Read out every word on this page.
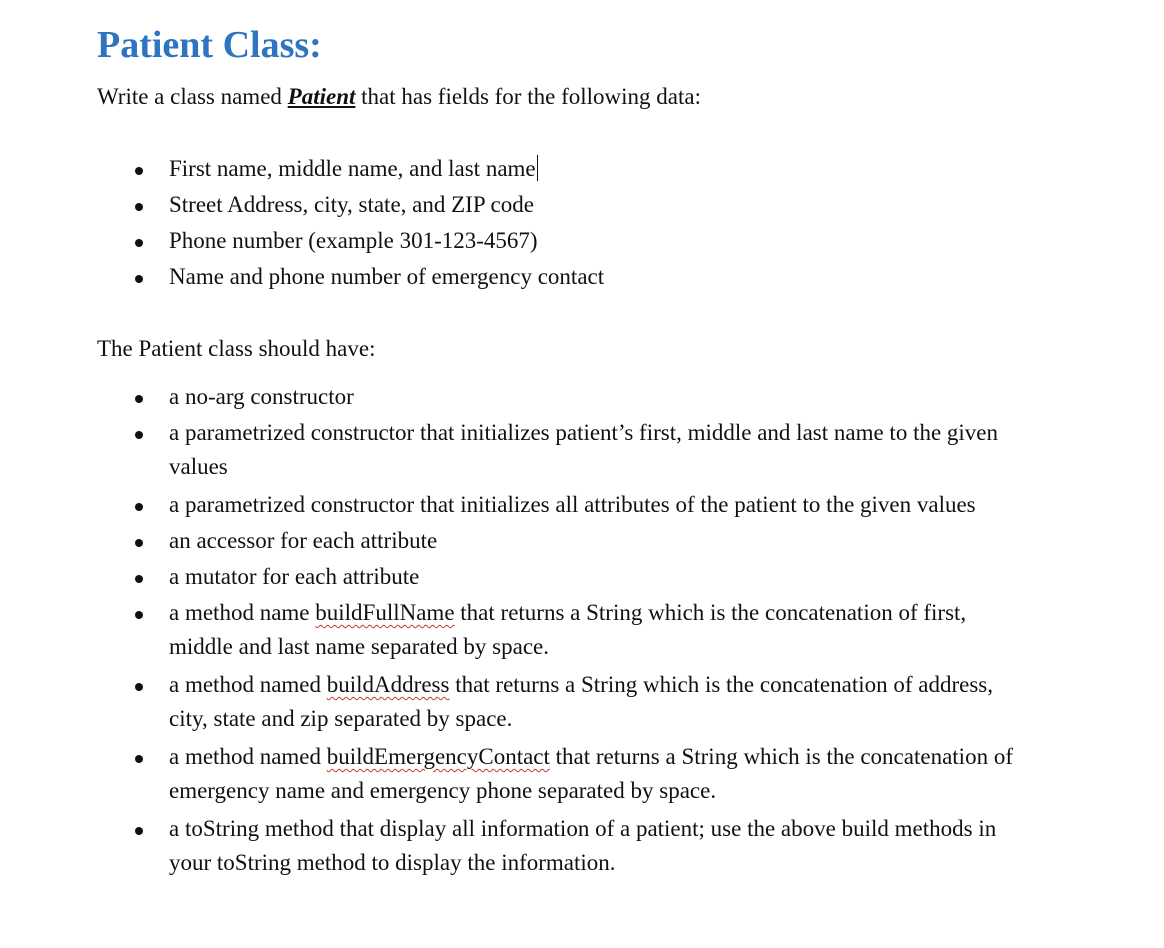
Patient Class:
Write a class named Patient that has fields for the following data:
First name, middle name, and last name
Street Address, city, state, and ZIP code
Phone number (example 301-123-4567)
Name and phone number of emergency contact
The Patient class should have:
a no-arg constructor
a parametrized constructor that initializes patient’s first, middle and last name to the given
values
a parametrized constructor that initializes all attributes of the patient to the given values
an accessor for each attribute
a mutator for each attribute

a method name buildFullName that returns a String which is the concatenation of first,

middle and last name separated by space.

a method named buildAddress that returns a String which is the concatenation of address,

city, state and zip separated by space.

a method named buildEmergencyContact that returns a String which is the concatenation of

emergency name and emergency phone separated by space.

a toString method that display all information of a patient; use the above build methods in

your toString method to display the information.
